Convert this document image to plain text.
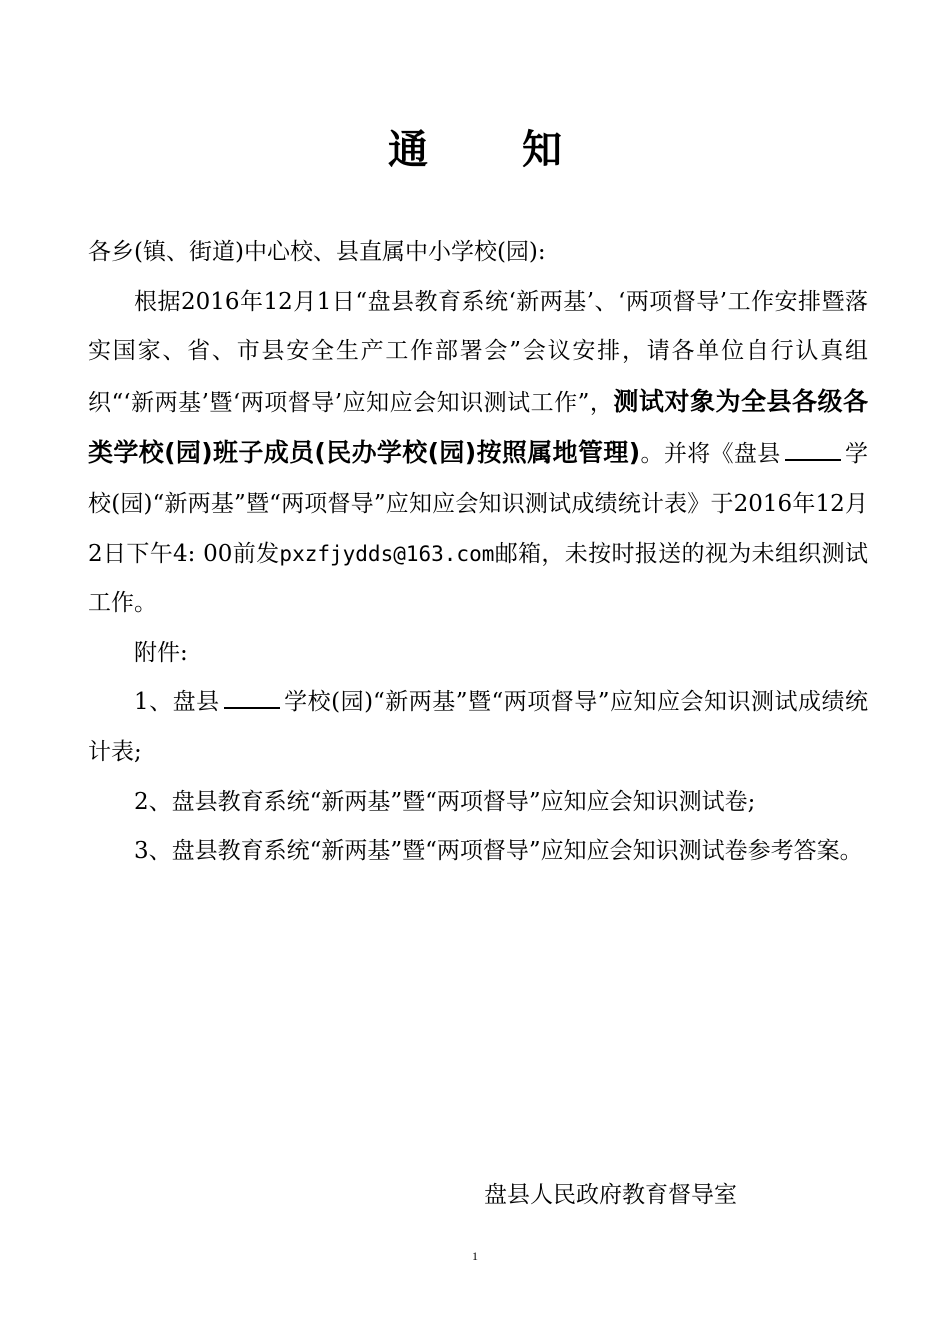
通 知

各乡(镇、街道)中心校、县直属中小学校(园):

根据2016年12月1日“盘县教育系统‘新两基’、‘两项督导’工作安排暨落实国家、省、市县安全生产工作部署会”会议安排，请各单位自行认真组织“‘新两基’暨‘两项督导’应知应会知识测试工作”，测试对象为全县各级各类学校(园)班子成员(民办学校(园)按照属地管理)。并将《盘县	学校(园)“新两基”暨“两项督导”应知应会知识测试成绩统计表》于2016年12月2日下午4: 00前发pxzfjydds@163.com邮箱，未按时报送的视为未组织测试工作。

附件:

1、盘县	学校(园)“新两基”暨“两项督导”应知应会知识测试成绩统计表;

2、盘县教育系统“新两基”暨“两项督导”应知应会知识测试卷;

3、盘县教育系统“新两基”暨“两项督导”应知应会知识测试卷参考答案。

盘县人民政府教育督导室
1
